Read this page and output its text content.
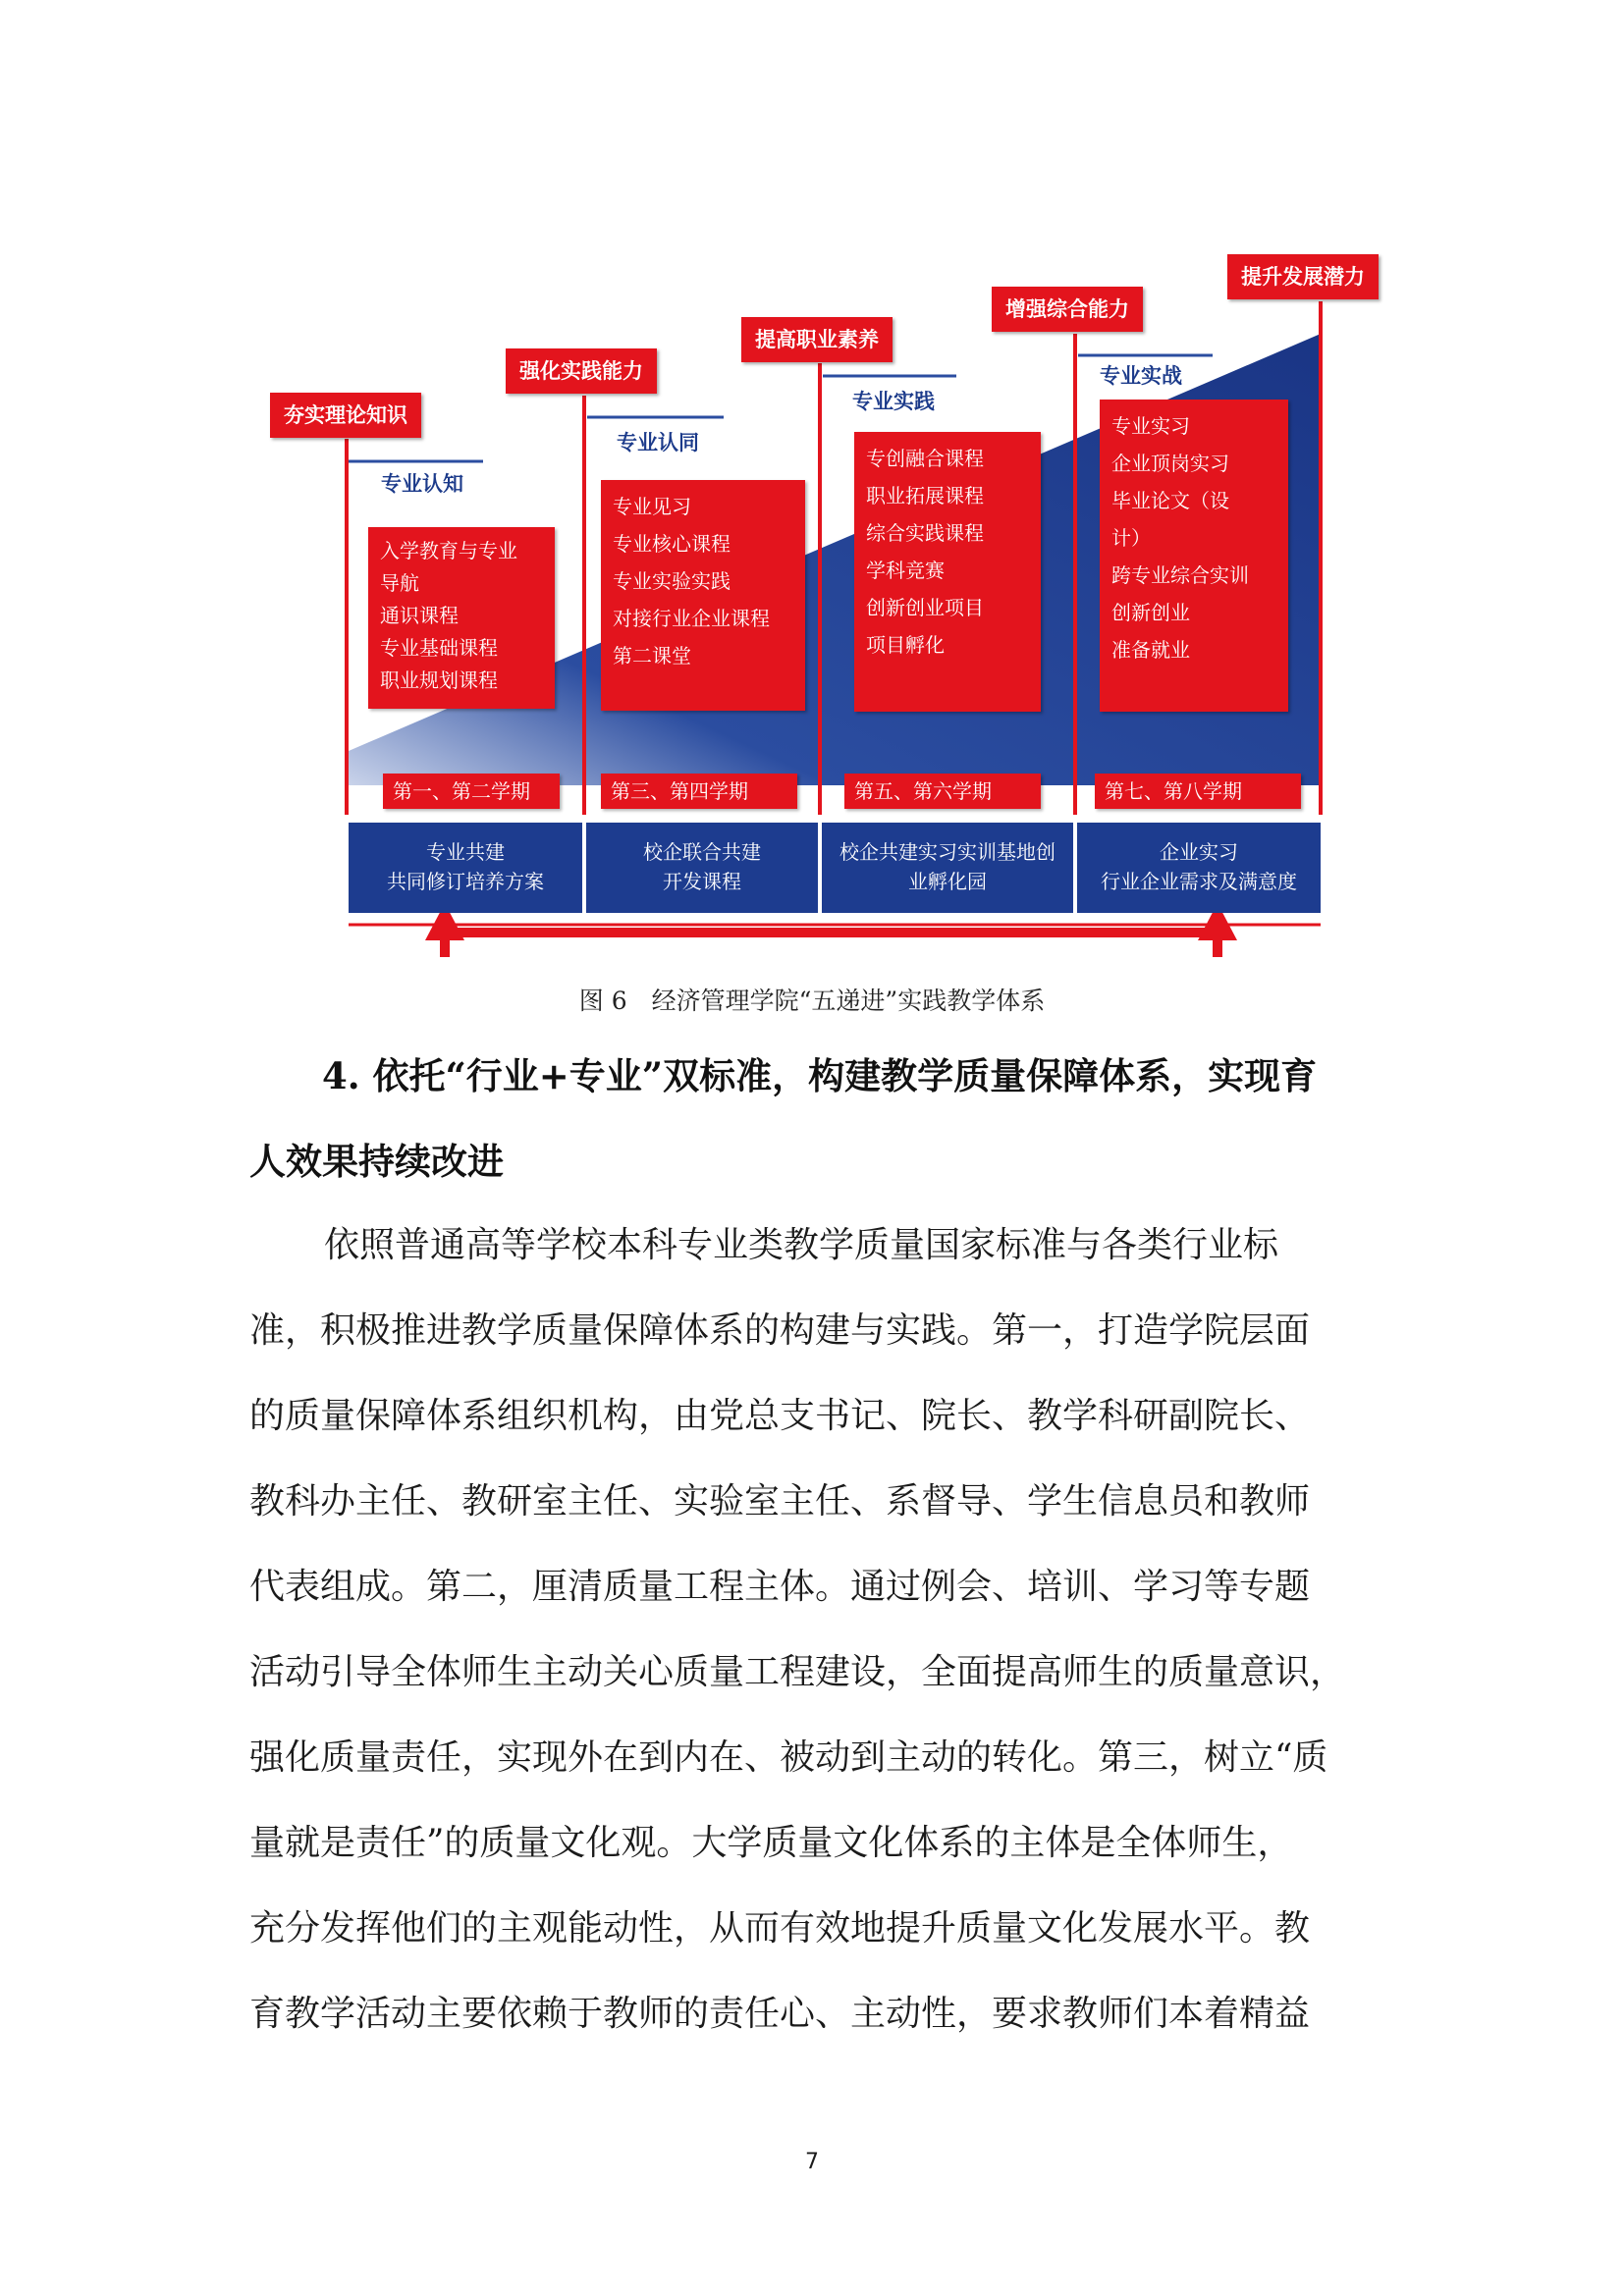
夯实理论知识
强化实践能力
提高职业素养
增强综合能力
提升发展潜力
专业认知
专业认同
专业实践
专业实战
入学教育与专业
导航
通识课程
专业基础课程
职业规划课程
专业见习
专业核心课程
专业实验实践
对接行业企业课程
第二课堂
专创融合课程
职业拓展课程
综合实践课程
学科竞赛
创新创业项目
项目孵化
专业实习
企业顶岗实习
毕业论文（设
计）
跨专业综合实训
创新创业
准备就业
第一、第二学期	第三、第四学期	第五、第六学期	第七、第八学期
专业共建
共同修订培养方案
校企联合共建
开发课程
校企共建实习实训基地创
业孵化园
企业实习
行业企业需求及满意度
图 6　经济管理学院“五递进”实践教学体系
4. 依托“行业+专业”双标准，构建教学质量保障体系，实现育
人效果持续改进
依照普通高等学校本科专业类教学质量国家标准与各类行业标
准，积极推进教学质量保障体系的构建与实践。第一，打造学院层面
的质量保障体系组织机构，由党总支书记、院长、教学科研副院长、
教科办主任、教研室主任、实验室主任、系督导、学生信息员和教师
代表组成。第二，厘清质量工程主体。通过例会、培训、学习等专题
活动引导全体师生主动关心质量工程建设，全面提高师生的质量意识，
强化质量责任，实现外在到内在、被动到主动的转化。第三，树立“质
量就是责任”的质量文化观。大学质量文化体系的主体是全体师生，
充分发挥他们的主观能动性，从而有效地提升质量文化发展水平。教
育教学活动主要依赖于教师的责任心、主动性，要求教师们本着精益
7
